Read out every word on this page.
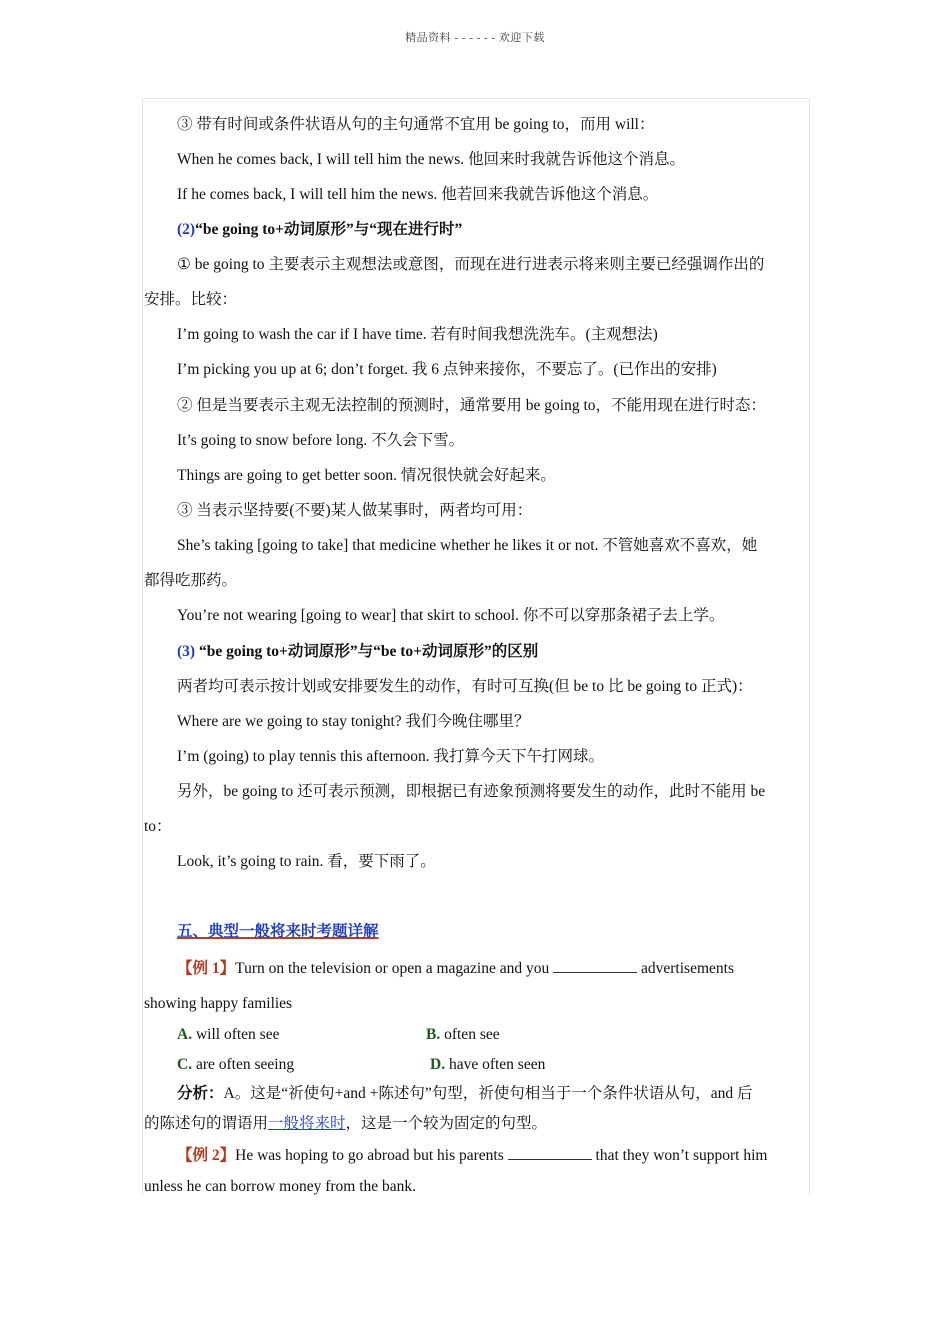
精品资料 - - - - - - 欢迎下载
③ 带有时间或条件状语从句的主句通常不宜用 be going to，而用 will：
When he comes back, I will tell him the news. 他回来时我就告诉他这个消息。
If he comes back, I will tell him the news. 他若回来我就告诉他这个消息。
(2)“be going to+动词原形”与“现在进行时”
① be going to 主要表示主观想法或意图，而现在进行进表示将来则主要已经强调作出的
安排。比较：
I’m going to wash the car if I have time. 若有时间我想洗洗车。(主观想法)
I’m picking you up at 6; don’t forget. 我 6 点钟来接你，不要忘了。(已作出的安排)
② 但是当要表示主观无法控制的预测时，通常要用 be going to，不能用现在进行时态：
It’s going to snow before long. 不久会下雪。
Things are going to get better soon. 情况很快就会好起来。
③ 当表示坚持要(不要)某人做某事时，两者均可用：
She’s taking [going to take] that medicine whether he likes it or not. 不管她喜欢不喜欢，她
都得吃那药。
You’re not wearing [going to wear] that skirt to school. 你不可以穿那条裙子去上学。
(3) “be going to+动词原形”与“be to+动词原形”的区别
两者均可表示按计划或安排要发生的动作，有时可互换(但 be to 比 be going to 正式)：
Where are we going to stay tonight? 我们今晚住哪里？
I’m (going) to play tennis this afternoon. 我打算今天下午打网球。
另外，be going to 还可表示预测，即根据已有迹象预测将要发生的动作，此时不能用 be
to：
Look, it’s going to rain. 看，要下雨了。
五、典型一般将来时考题详解
【例 1】Turn on the television or open a magazine and you	advertisements
showing happy families
A. will often see	B. often see
C. are often seeing	D. have often seen
分析：A。这是“祈使句+and +陈述句”句型，祈使句相当于一个条件状语从句，and 后
的陈述句的谓语用一般将来时，这是一个较为固定的句型。
【例 2】He was hoping to go abroad but his parents	that they won’t support him
unless he can borrow money from the bank.
